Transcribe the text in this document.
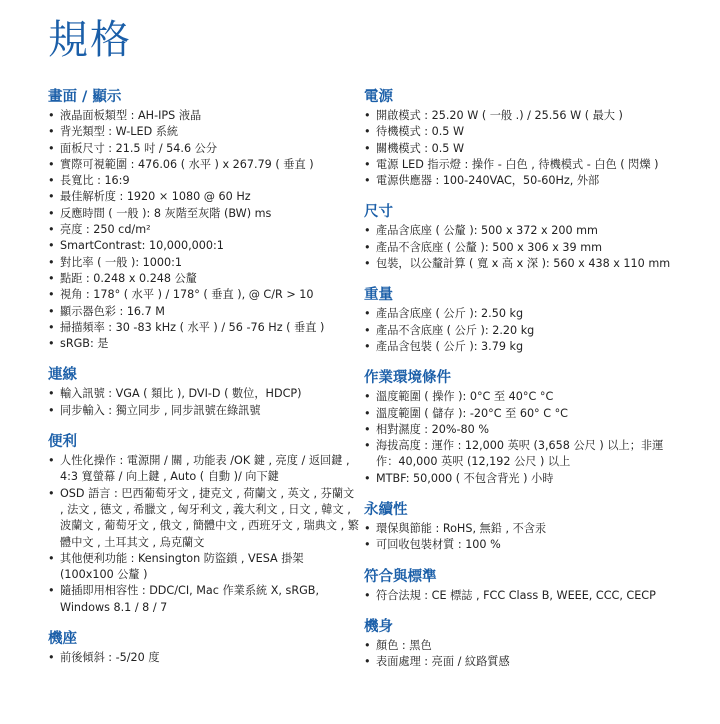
規格
畫面 / 顯示
• 液晶面板類型 : AH-IPS 液晶
• 背光類型 : W-LED 系統
• 面板尺寸 : 21.5 吋 / 54.6 公分
• 實際可視範圍 : 476.06 ( 水平 ) x 267.79 ( 垂直 )
• 長寬比 : 16:9
• 最佳解析度 : 1920 × 1080 @ 60 Hz
• 反應時間 ( 一般 ): 8 灰階至灰階 (BW) ms
• 亮度 : 250 cd/m²
• SmartContrast: 10,000,000:1
• 對比率 ( 一般 ): 1000:1
• 點距 : 0.248 x 0.248 公釐
• 視角 : 178° ( 水平 ) / 178° ( 垂直 ), @ C/R > 10
• 顯示器色彩 : 16.7 M
• 掃描頻率 : 30 -83 kHz ( 水平 ) / 56 -76 Hz ( 垂直 )
• sRGB: 是
連線
• 輸入訊號 : VGA ( 類比 ), DVI-D ( 數位，HDCP)
• 同步輸入 : 獨立同步 , 同步訊號在綠訊號
便利
• 人性化操作 : 電源開 / 關 , 功能表 /OK 鍵 , 亮度 / 返回鍵 , 4:3 寬螢幕 / 向上鍵 , Auto ( 自動 )/ 向下鍵
• OSD 語言 : 巴西葡萄牙文 , 捷克文 , 荷蘭文 , 英文 , 芬蘭文 , 法文 , 德文 , 希臘文 , 匈牙利文 , 義大利文 , 日文 , 韓文 , 波蘭文 , 葡萄牙文 , 俄文 , 簡體中文 , 西班牙文 , 瑞典文 , 繁體中文 , 土耳其文 , 烏克蘭文
• 其他便利功能 : Kensington 防盜鎖 , VESA 掛架 (100x100 公釐 )
• 隨插即用相容性 : DDC/CI, Mac 作業系統 X, sRGB, Windows 8.1 / 8 / 7
機座
• 前後傾斜 : -5/20 度
電源
• 開啟模式 : 25.20 W ( 一般 .) / 25.56 W ( 最大 )
• 待機模式 : 0.5 W
• 關機模式 : 0.5 W
• 電源 LED 指示燈 : 操作 - 白色 , 待機模式 - 白色 ( 閃爍 )
• 電源供應器 : 100-240VAC，50-60Hz, 外部
尺寸
• 產品含底座 ( 公釐 ): 500 x 372 x 200 mm
• 產品不含底座 ( 公釐 ): 500 x 306 x 39 mm
• 包裝，以公釐計算 ( 寬 x 高 x 深 ): 560 x 438 x 110 mm
重量
• 產品含底座 ( 公斤 ): 2.50 kg
• 產品不含底座 ( 公斤 ): 2.20 kg
• 產品含包裝 ( 公斤 ): 3.79 kg
作業環境條件
• 溫度範圍 ( 操作 ): 0°C 至 40°C °C
• 溫度範圍 ( 儲存 ): -20°C 至 60° C °C
• 相對濕度 : 20%-80 %
• 海拔高度 : 運作 : 12,000 英呎 (3,658 公尺 ) 以上；非運作：40,000 英呎 (12,192 公尺 ) 以上
• MTBF: 50,000 ( 不包含背光 ) 小時
永續性
• 環保與節能 : RoHS, 無鉛 , 不含汞
• 可回收包裝材質 : 100 %
符合與標準
• 符合法規 : CE 標誌 , FCC Class B, WEEE, CCC, CECP
機身
• 顏色 : 黑色
• 表面處理 : 亮面 / 紋路質感
